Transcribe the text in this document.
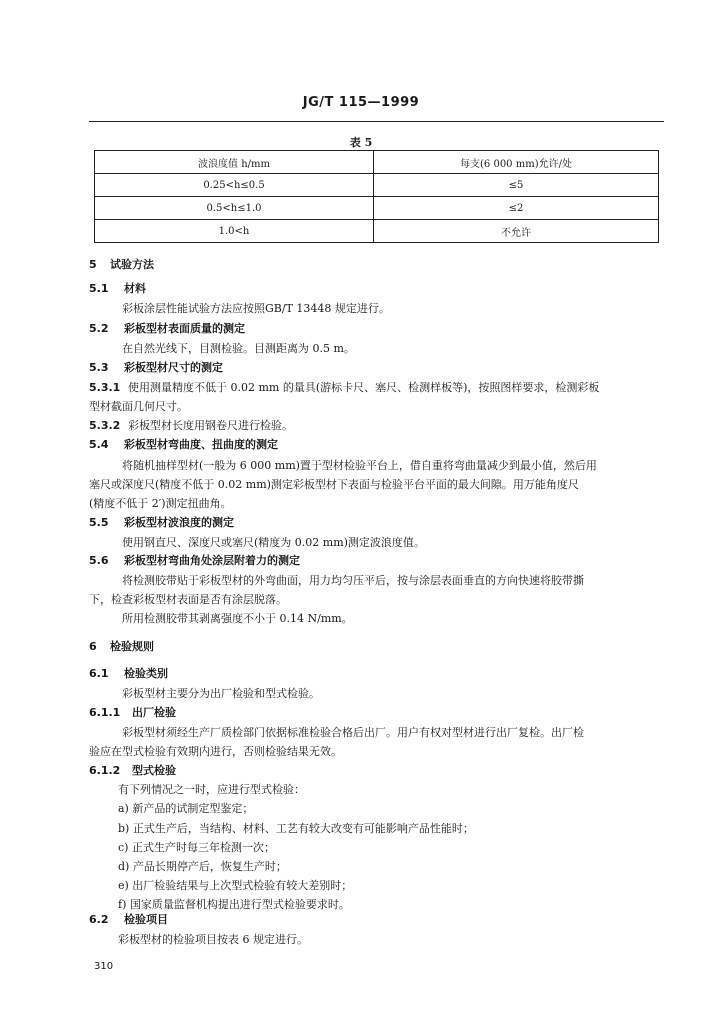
JG/T 115—1999
表 5
波浪度值 h/mm	每支(6 000 mm)允许/处
0.25<h≤0.5	≤5
0.5<h≤1.0	≤2
1.0<h	不允许
5 试验方法
5.1 材料
彩板涂层性能试验方法应按照GB/T 13448 规定进行。
5.2 彩板型材表面质量的测定
在自然光线下，目测检验。目测距离为 0.5 m。
5.3 彩板型材尺寸的测定
5.3.1 使用测量精度不低于 0.02 mm 的量具(游标卡尺、塞尺、检测样板等)，按照图样要求，检测彩板
型材截面几何尺寸。
5.3.2 彩板型材长度用钢卷尺进行检验。
5.4 彩板型材弯曲度、扭曲度的测定
将随机抽样型材(一般为 6 000 mm)置于型材检验平台上，借自重将弯曲量减少到最小值，然后用
塞尺或深度尺(精度不低于 0.02 mm)测定彩板型材下表面与检验平台平面的最大间隙。用万能角度尺
(精度不低于 2′)测定扭曲角。
5.5 彩板型材波浪度的测定
使用钢直尺、深度尺或塞尺(精度为 0.02 mm)测定波浪度值。
5.6 彩板型材弯曲角处涂层附着力的测定
将检测胶带贴于彩板型材的外弯曲面，用力均匀压平后，按与涂层表面垂直的方向快速将胶带撕
下，检查彩板型材表面是否有涂层脱落。
所用检测胶带其剥离强度不小于 0.14 N/mm。
6 检验规则
6.1 检验类别
彩板型材主要分为出厂检验和型式检验。
6.1.1 出厂检验
彩板型材须经生产厂质检部门依据标准检验合格后出厂。用户有权对型材进行出厂复检。出厂检
验应在型式检验有效期内进行，否则检验结果无效。
6.1.2 型式检验
有下列情况之一时，应进行型式检验：
a) 新产品的试制定型鉴定；
b) 正式生产后，当结构、材料、工艺有较大改变有可能影响产品性能时；
c) 正式生产时每三年检测一次；
d) 产品长期停产后，恢复生产时；
e) 出厂检验结果与上次型式检验有较大差别时；
f) 国家质量监督机构提出进行型式检验要求时。
6.2 检验项目
彩板型材的检验项目按表 6 规定进行。
310
